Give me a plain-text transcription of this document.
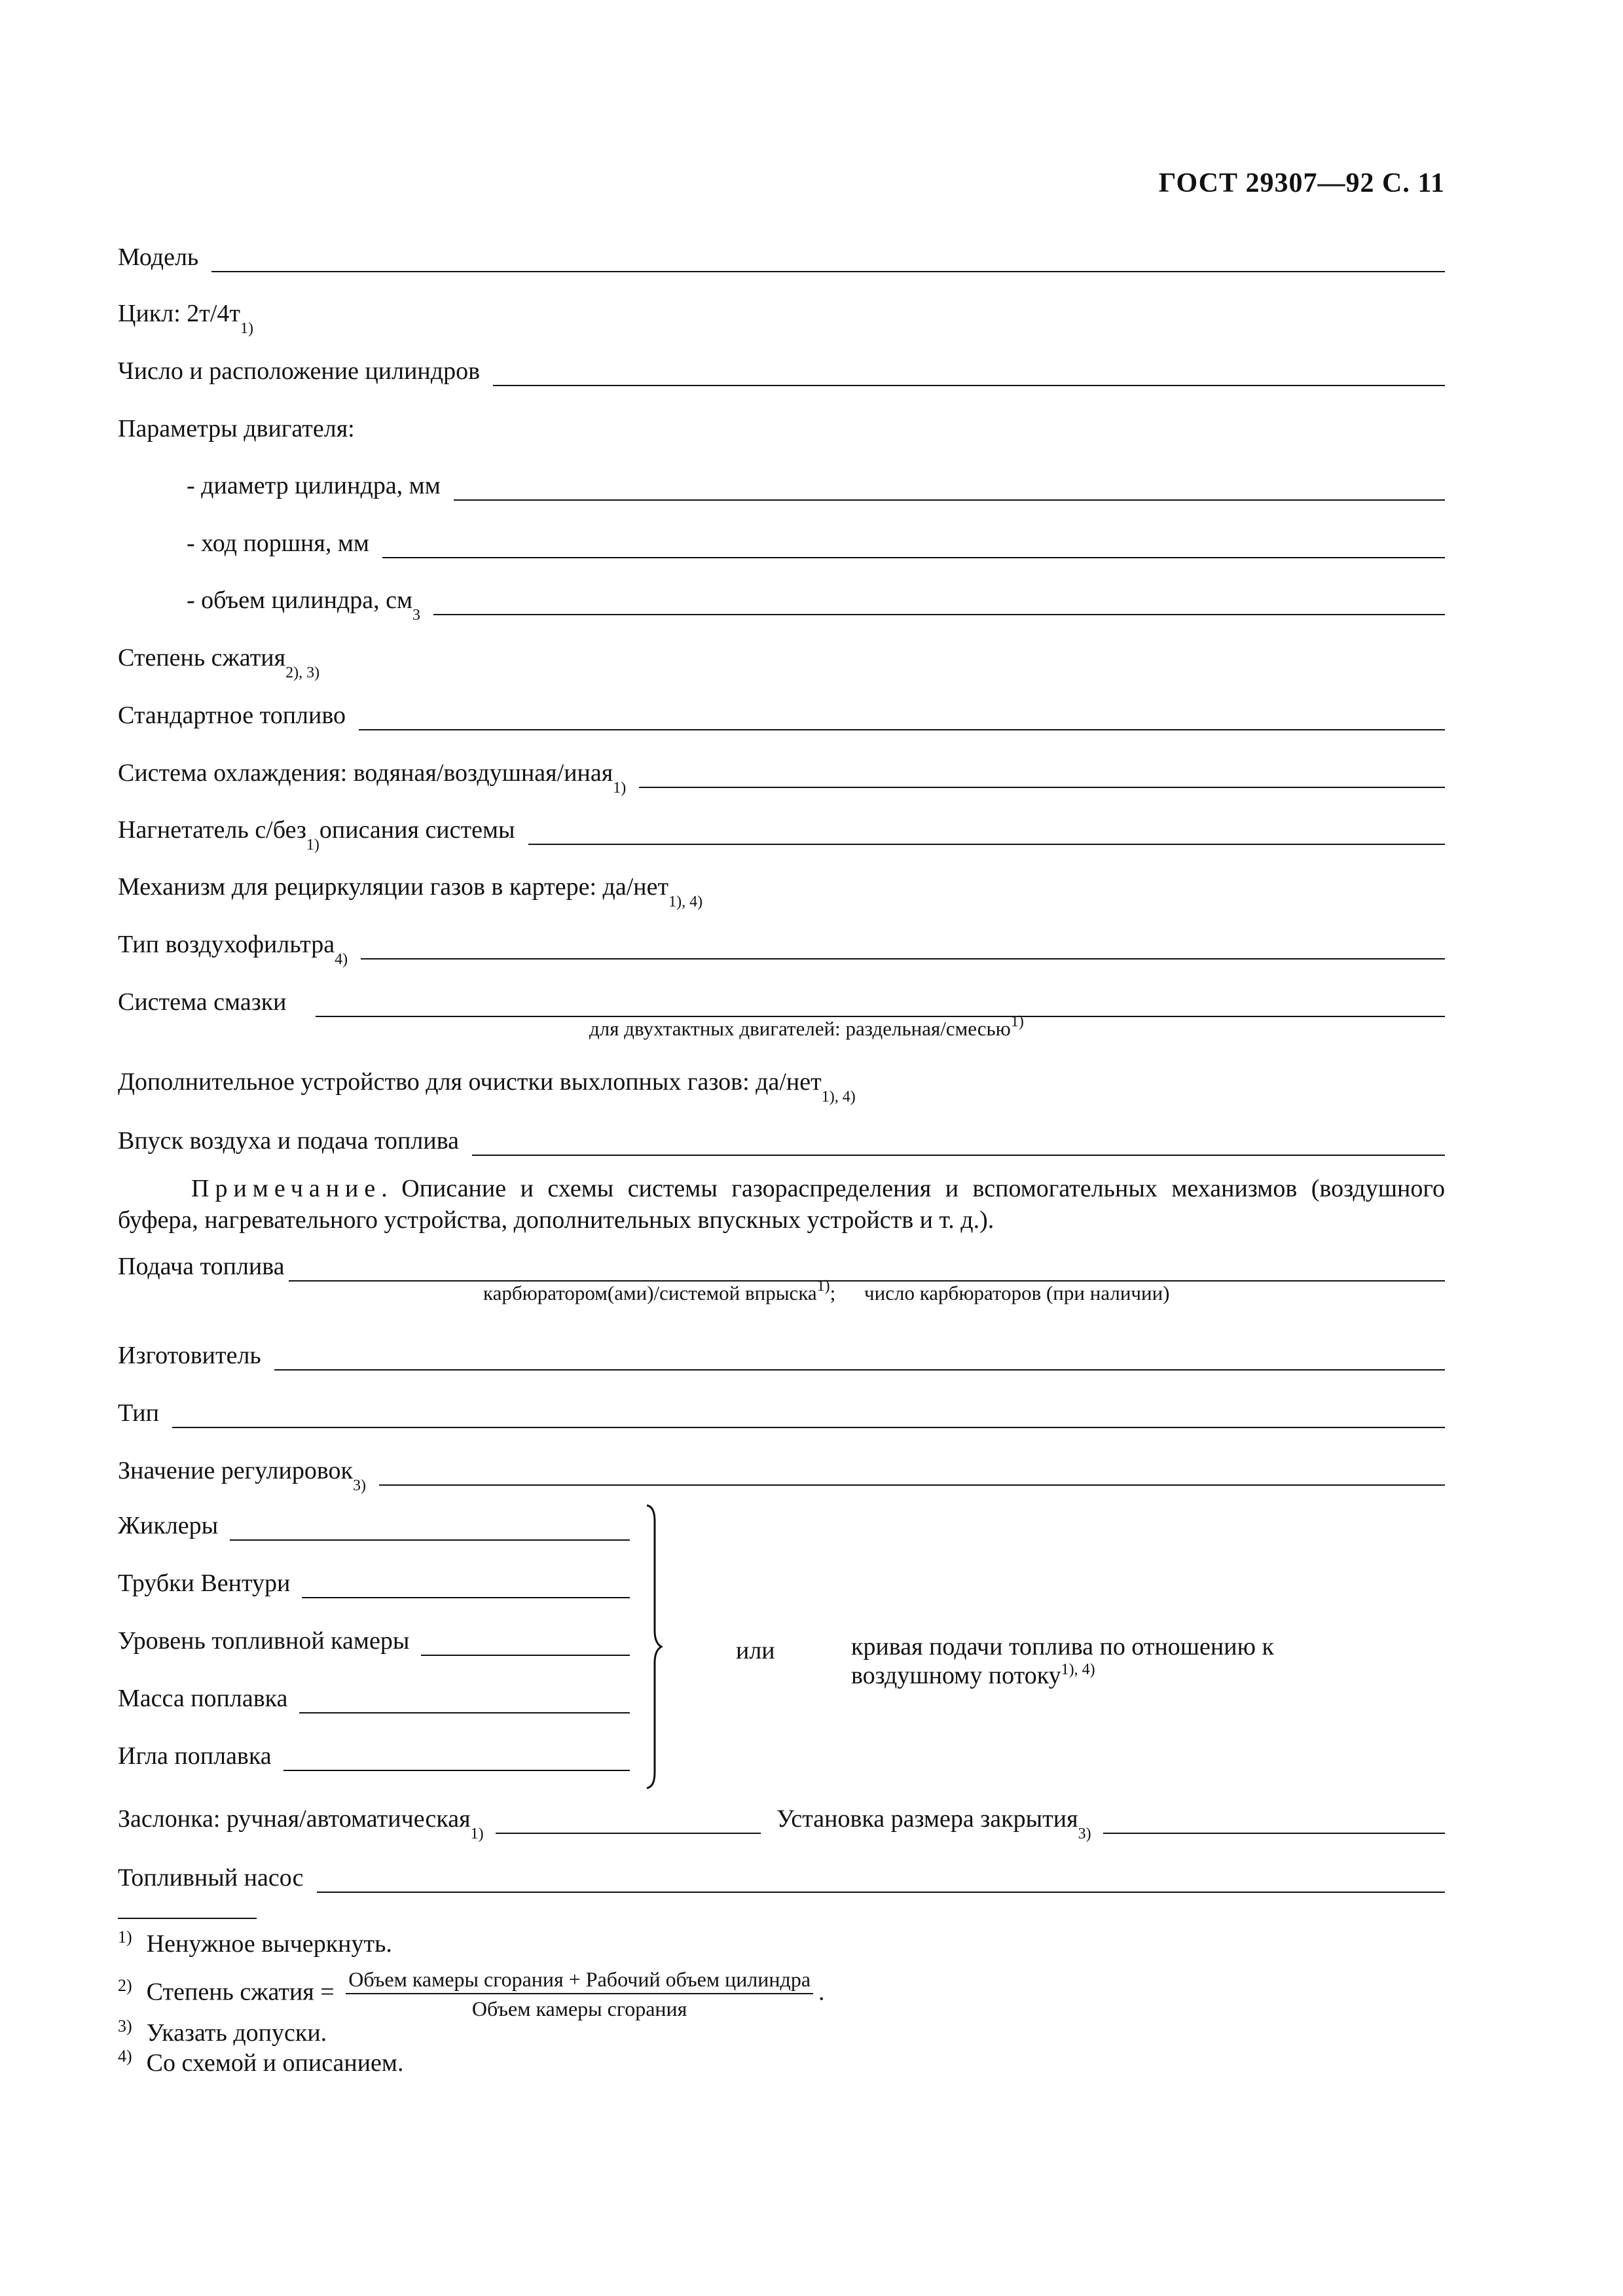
ГОСТ 29307—92 С. 11
Модель
Цикл: 2т/4т
1)
Число и расположение цилиндров
Параметры двигателя:
- диаметр цилиндра, мм
- ход поршня, мм
- объем цилиндра, см
3
Степень сжатия
2), 3)
Стандартное топливо
Система охлаждения: водяная/воздушная/иная
1)
Нагнетатель с/без
1)
описания системы
Механизм для рециркуляции газов в картере: да/нет
1), 4)
Тип воздухофильтра
4)
Система смазки
для двухтактных двигателей: раздельная/смесью$^{1)}$
Дополнительное устройство для очистки выхлопных газов: да/нет
1), 4)
Впуск воздуха и подача топлива
Примечание. Описание и схемы системы газораспределения и вспомогательных механизмов (воздушного буфера, нагревательного устройства, дополнительных впускных устройств и т. д.).
Подача топлива
карбюратором(ами)/системой впрыска$^{1)}$; число карбюраторов (при наличии)
Изготовитель
Тип
Значение регулировок
3)
Жиклеры
Трубки Вентури
Уровень топливной камеры
Масса поплавка
Игла поплавка
или	кривая подачи топлива по отношению к
воздушному потоку$^{1), 4)}$
Заслонка: ручная/автоматическая
1)
Установка размера закрытия
3)
Топливный насос
$^{1)}$ Ненужное вычеркнуть.
$^{2)}$ Степень сжатия = $\frac{\text{Объем камеры сгорания + Рабочий объем цилиндра}}{\text{Объем камеры сгорания}}$ .
$^{3)}$ Указать допуски.
$^{4)}$ Со схемой и описанием.
